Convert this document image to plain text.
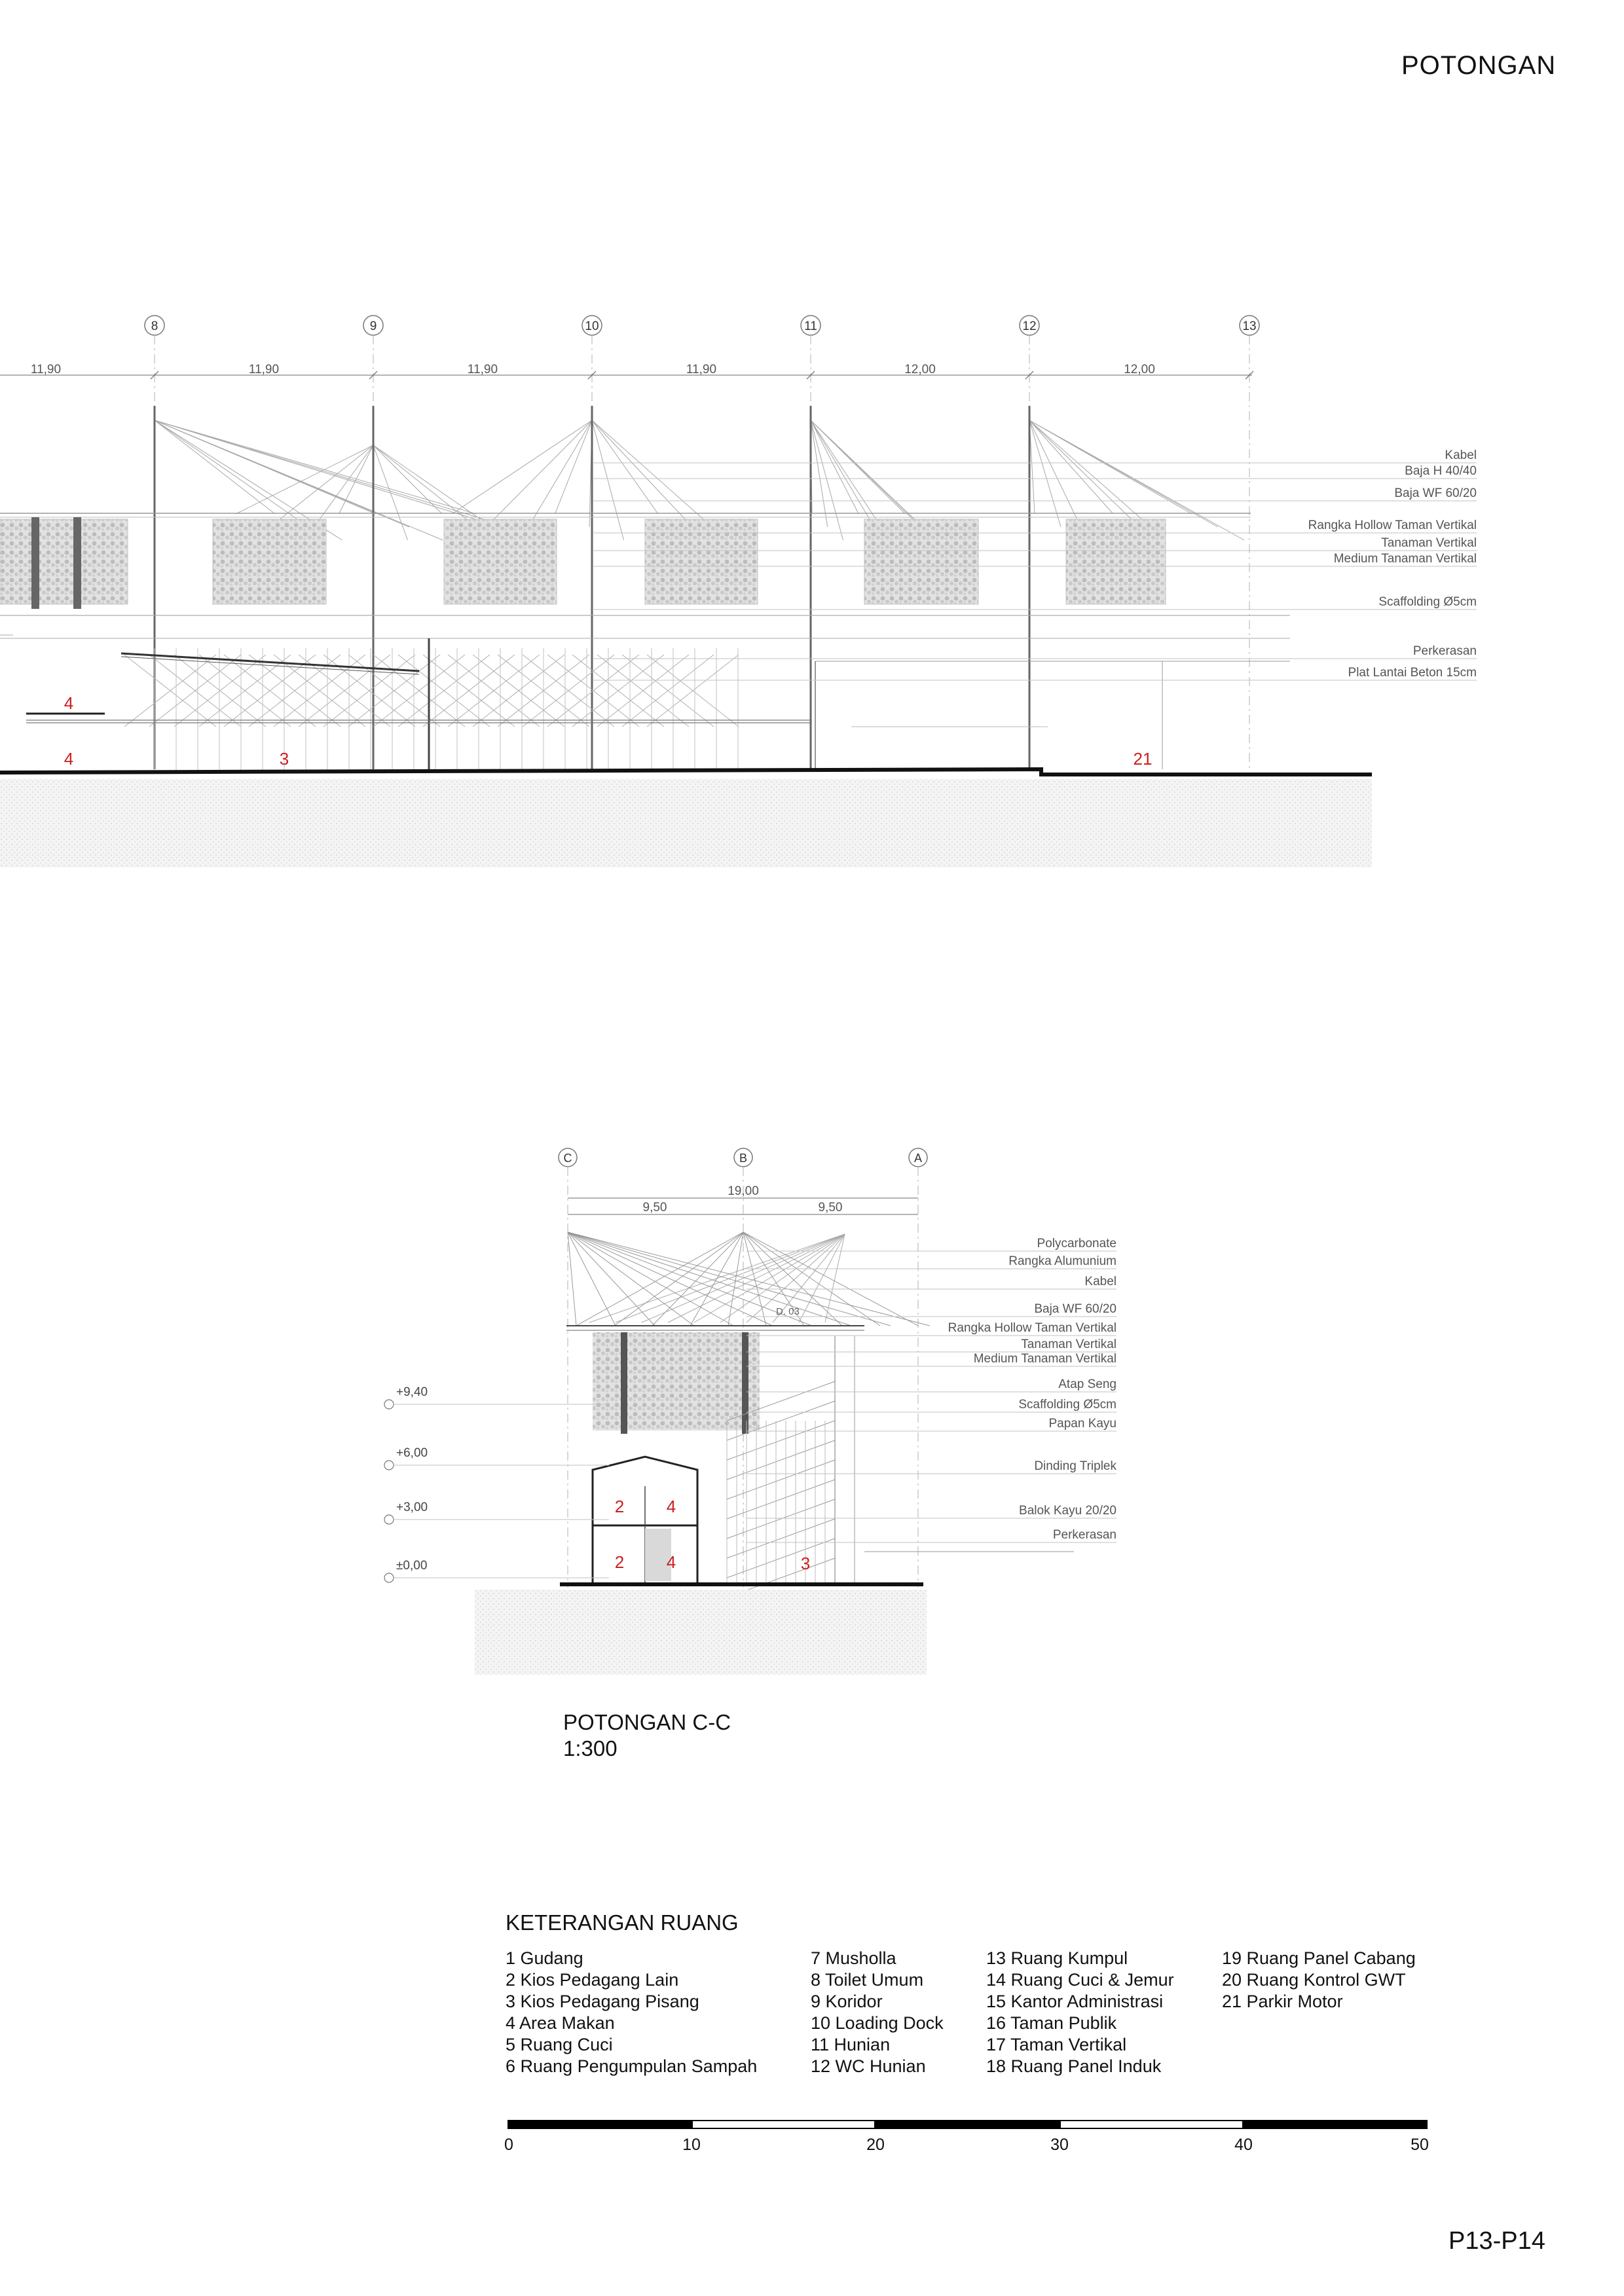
POTONGAN
8	9	10	11	12	13
11,90	11,90	11,90	11,90	12,00	12,00
Kabel
Baja H 40/40
Baja WF 60/20
Rangka Hollow Taman Vertikal
Tanaman Vertikal
Medium Tanaman Vertikal
Scaffolding Ø5cm
Perkerasan
Plat Lantai Beton 15cm
4
4	3	21
C	B	A
19,00
9,50	9,50
D. 03
+9,40
+6,00
+3,00
±0,00
Polycarbonate
Rangka Alumunium
Kabel
Baja WF 60/20
Rangka Hollow Taman Vertikal
Tanaman Vertikal
Medium Tanaman Vertikal
Atap Seng
Scaffolding Ø5cm
Papan Kayu
Dinding Triplek
Balok Kayu 20/20
Perkerasan
2 4
2 4	3
POTONGAN C-C
1:300
KETERANGAN RUANG
1 Gudang
2 Kios Pedagang Lain
3 Kios Pedagang Pisang
4 Area Makan
5 Ruang Cuci
6 Ruang Pengumpulan Sampah
7 Musholla
8 Toilet Umum
9 Koridor
10 Loading Dock
11 Hunian
12 WC Hunian
13 Ruang Kumpul
14 Ruang Cuci & Jemur
15 Kantor Administrasi
16 Taman Publik
17 Taman Vertikal
18 Ruang Panel Induk
19 Ruang Panel Cabang
20 Ruang Kontrol GWT
21 Parkir Motor
0	10	20	30	40	50
P13-P14
